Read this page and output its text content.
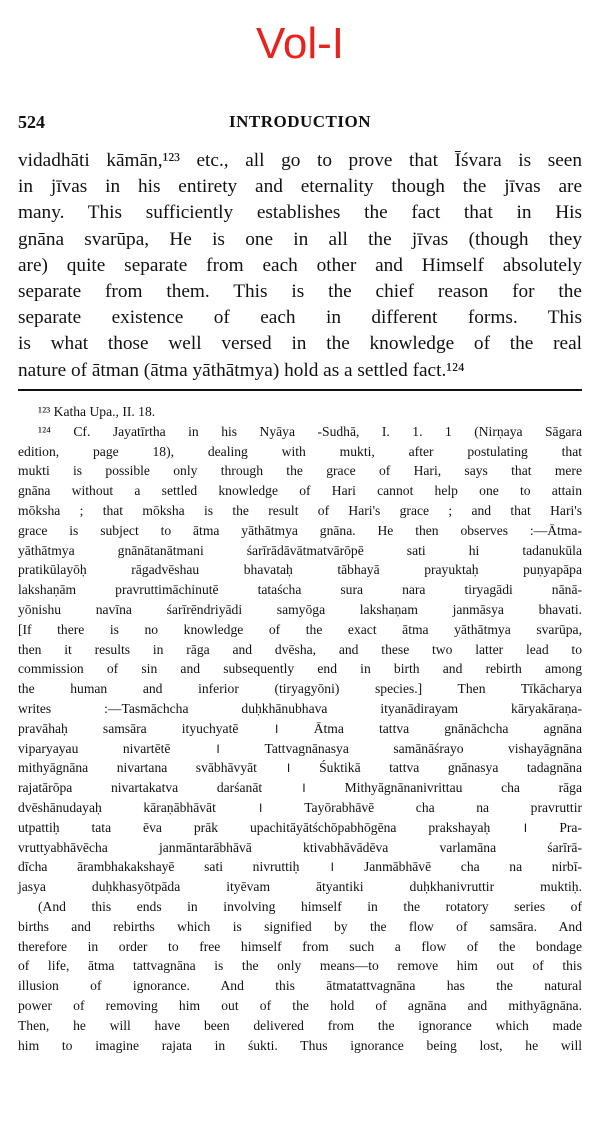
Vol-I
524	INTRODUCTION
vidadhāti kāmān,¹²³ etc., all go to prove that Īśvara is seen
in jīvas in his entirety and eternality though the jīvas are
many. This sufficiently establishes the fact that in His
gnāna svarūpa, He is one in all the jīvas (though they
are) quite separate from each other and Himself absolutely
separate from them. This is the chief reason for the
separate existence of each in different forms. This
is what those well versed in the knowledge of the real
nature of ātman (ātma yāthātmya) hold as a settled fact.¹²⁴
¹²³ Katha Upa., II. 18.
¹²⁴ Cf. Jayatīrtha in his Nyāya -Sudhā, I. 1. 1 (Nirṇaya Sāgara
edition, page 18), dealing with mukti, after postulating that
mukti is possible only through the grace of Hari, says that mere
gnāna without a settled knowledge of Hari cannot help one to attain
mōksha ; that mōksha is the result of Hari's grace ; and that Hari's
grace is subject to ātma yāthātmya gnāna. He then observes :—Ātma-
yāthātmya gnānātanātmani śarīrādāvātmatvārōpē sati hi tadanukūla
pratikūlayōḥ rāgadvēshau bhavataḥ tābhayā prayuktaḥ puṇyapāpa
lakshaṇām pravruttimāchinutē tataścha sura nara tiryagādi nānā-
yōnishu navīna śarīrēndriyādi samyōga lakshaṇam janmāsya bhavati.
[If there is no knowledge of the exact ātma yāthātmya svarūpa,
then it results in rāga and dvēsha, and these two latter lead to
commission of sin and subsequently end in birth and rebirth among
the human and inferior (tiryagyōni) species.] Then Tīkācharya
writes :—Tasmāchcha duḥkhānubhava ityanādirayam kāryakāraṇa-
pravāhaḥ samsāra ityuchyatē । Ātma tattva gnānāchcha agnāna
viparyayau nivartētē । Tattvagnānasya samānāśrayo vishayāgnāna
mithyāgnāna nivartana svābhāvyāt । Śuktikā tattva gnānasya tadagnāna
rajatārōpa nivartakatva darśanāt । Mithyāgnānanivrittau cha rāga
dvēshānudayaḥ kāraṇābhāvāt । Tayōrabhāvē cha na pravruttir
utpattiḥ tata ēva prāk upachitāyātśchōpabhōgēna prakshayaḥ । Pra-
vruttyabhāvēcha janmāntarābhāvā ktivabhāvādēva varlamāna śarīrā-
dīcha ārambhakakshayē sati nivruttiḥ । Janmābhāvē cha na nirbī-
jasya duḥkhasyōtpāda ityēvam ātyantiki duḥkhanivruttir muktiḥ.
(And this ends in involving himself in the rotatory series of
births and rebirths which is signified by the flow of samsāra. And
therefore in order to free himself from such a flow of the bondage
of life, ātma tattvagnāna is the only means—to remove him out of this
illusion of ignorance. And this ātmatattvagnāna has the natural
power of removing him out of the hold of agnāna and mithyāgnāna.
Then, he will have been delivered from the ignorance which made
him to imagine rajata in śukti. Thus ignorance being lost, he will
